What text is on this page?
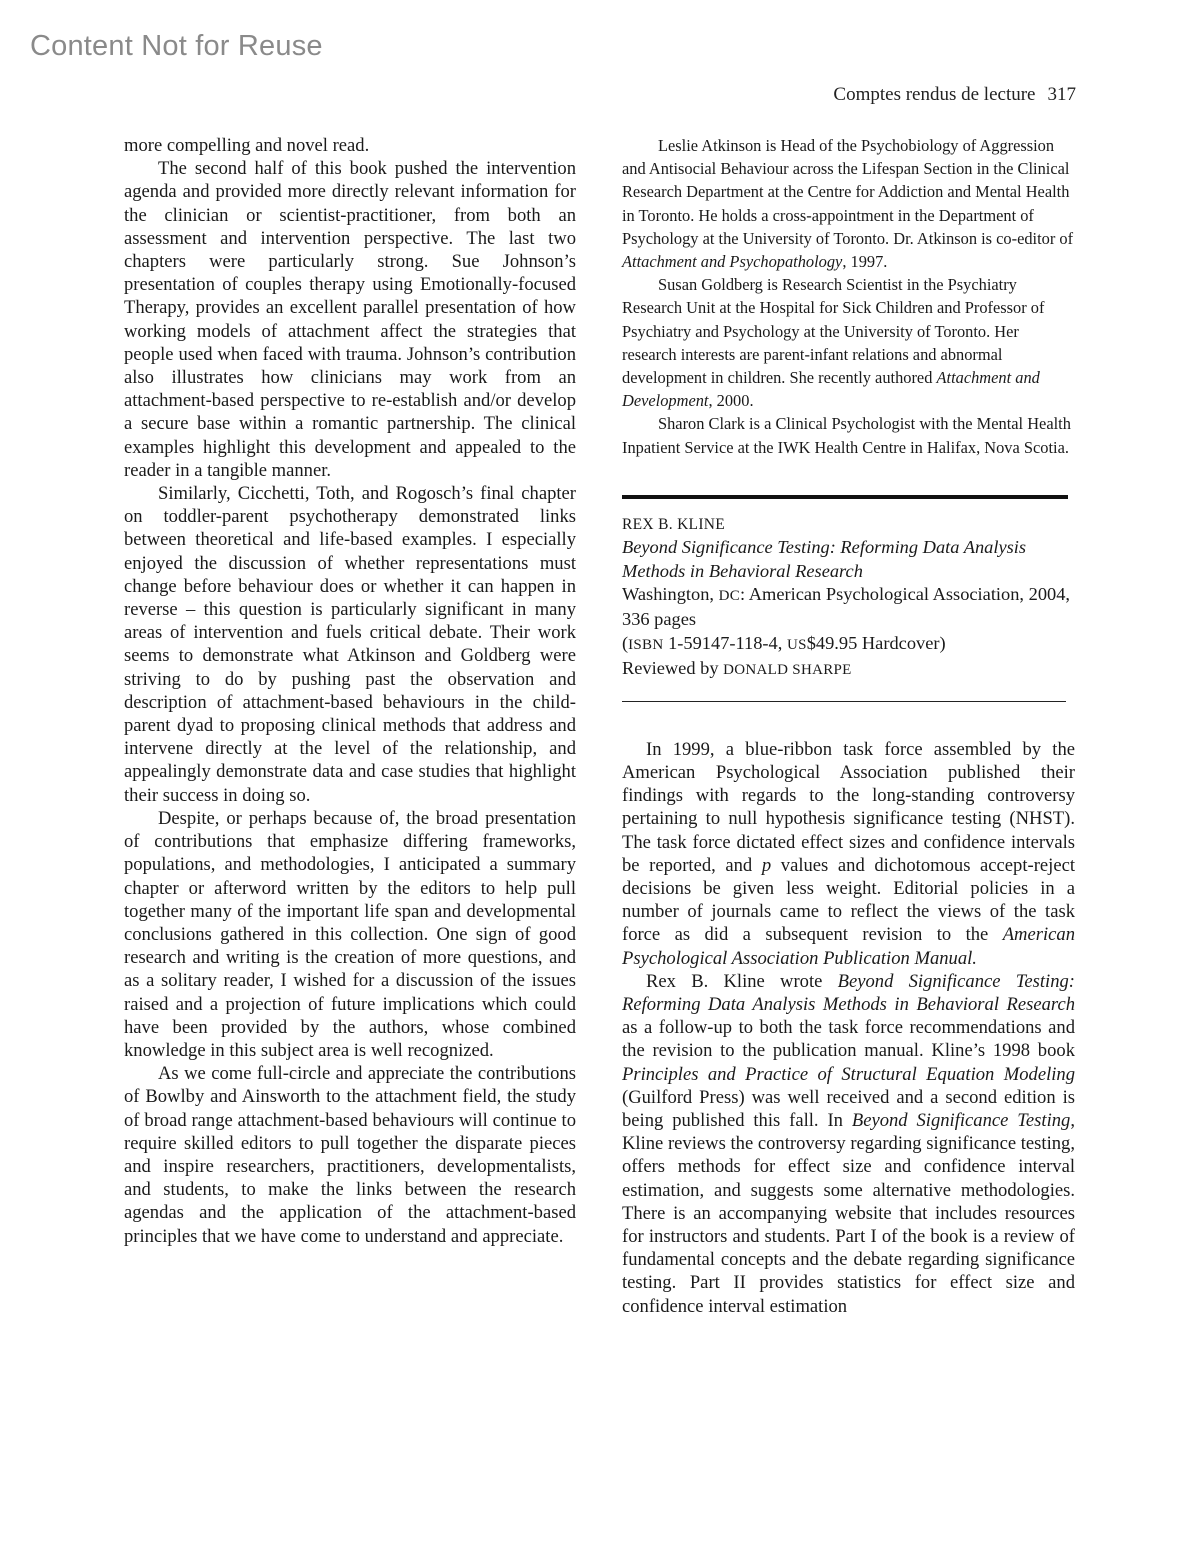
Content Not for Reuse
Comptes rendus de lecture 317

more compelling and novel read.

The second half of this book pushed the intervention agenda and provided more directly relevant information for the clinician or scientist-practitioner, from both an assessment and intervention perspective. The last two chapters were particularly strong. Sue Johnson’s presentation of couples therapy using Emotionally-focused Therapy, provides an excellent parallel presentation of how working models of attachment affect the strategies that people used when faced with trauma. Johnson’s contribution also illustrates how clinicians may work from an attachment-based perspective to re-establish and/or develop a secure base within a romantic partnership. The clinical examples highlight this development and appealed to the reader in a tangible manner.

Similarly, Cicchetti, Toth, and Rogosch’s final chapter on toddler-parent psychotherapy demonstrated links between theoretical and life-based examples. I especially enjoyed the discussion of whether representations must change before behaviour does or whether it can happen in reverse – this question is particularly significant in many areas of intervention and fuels critical debate. Their work seems to demonstrate what Atkinson and Goldberg were striving to do by pushing past the observation and description of attachment-based behaviours in the child-parent dyad to proposing clinical methods that address and intervene directly at the level of the relationship, and appealingly demonstrate data and case studies that highlight their success in doing so.

Despite, or perhaps because of, the broad presentation of contributions that emphasize differing frameworks, populations, and methodologies, I anticipated a summary chapter or afterword written by the editors to help pull together many of the important life span and developmental conclusions gathered in this collection. One sign of good research and writing is the creation of more questions, and as a solitary reader, I wished for a discussion of the issues raised and a projection of future implications which could have been provided by the authors, whose combined knowledge in this subject area is well recognized.

As we come full-circle and appreciate the contributions of Bowlby and Ainsworth to the attachment field, the study of broad range attachment-based behaviours will continue to require skilled editors to pull together the disparate pieces and inspire researchers, practitioners, developmentalists, and students, to make the links between the research agendas and the application of the attachment-based principles that we have come to understand and appreciate.

Leslie Atkinson is Head of the Psychobiology of Aggression and Antisocial Behaviour across the Lifespan Section in the Clinical Research Department at the Centre for Addiction and Mental Health in Toronto. He holds a cross-appointment in the Department of Psychology at the University of Toronto. Dr. Atkinson is co-editor of Attachment and Psychopathology, 1997.

Susan Goldberg is Research Scientist in the Psychiatry Research Unit at the Hospital for Sick Children and Professor of Psychiatry and Psychology at the University of Toronto. Her research interests are parent-infant relations and abnormal development in children. She recently authored Attachment and Development, 2000.

Sharon Clark is a Clinical Psychologist with the Mental Health Inpatient Service at the IWK Health Centre in Halifax, Nova Scotia.

REX B. KLINE
Beyond Significance Testing: Reforming Data Analysis Methods in Behavioral Research
Washington, DC: American Psychological Association, 2004, 336 pages
(ISBN 1-59147-118-4, US$49.95 Hardcover)
Reviewed by DONALD SHARPE

In 1999, a blue-ribbon task force assembled by the American Psychological Association published their findings with regards to the long-standing controversy pertaining to null hypothesis significance testing (NHST). The task force dictated effect sizes and confidence intervals be reported, and p values and dichotomous accept-reject decisions be given less weight. Editorial policies in a number of journals came to reflect the views of the task force as did a subsequent revision to the American Psychological Association Publication Manual.

Rex B. Kline wrote Beyond Significance Testing: Reforming Data Analysis Methods in Behavioral Research as a follow-up to both the task force recommendations and the revision to the publication manual. Kline’s 1998 book Principles and Practice of Structural Equation Modeling (Guilford Press) was well received and a second edition is being published this fall. In Beyond Significance Testing, Kline reviews the controversy regarding significance testing, offers methods for effect size and confidence interval estimation, and suggests some alternative methodologies. There is an accompanying website that includes resources for instructors and students. Part I of the book is a review of fundamental concepts and the debate regarding significance testing. Part II provides statistics for effect size and confidence interval estimation
